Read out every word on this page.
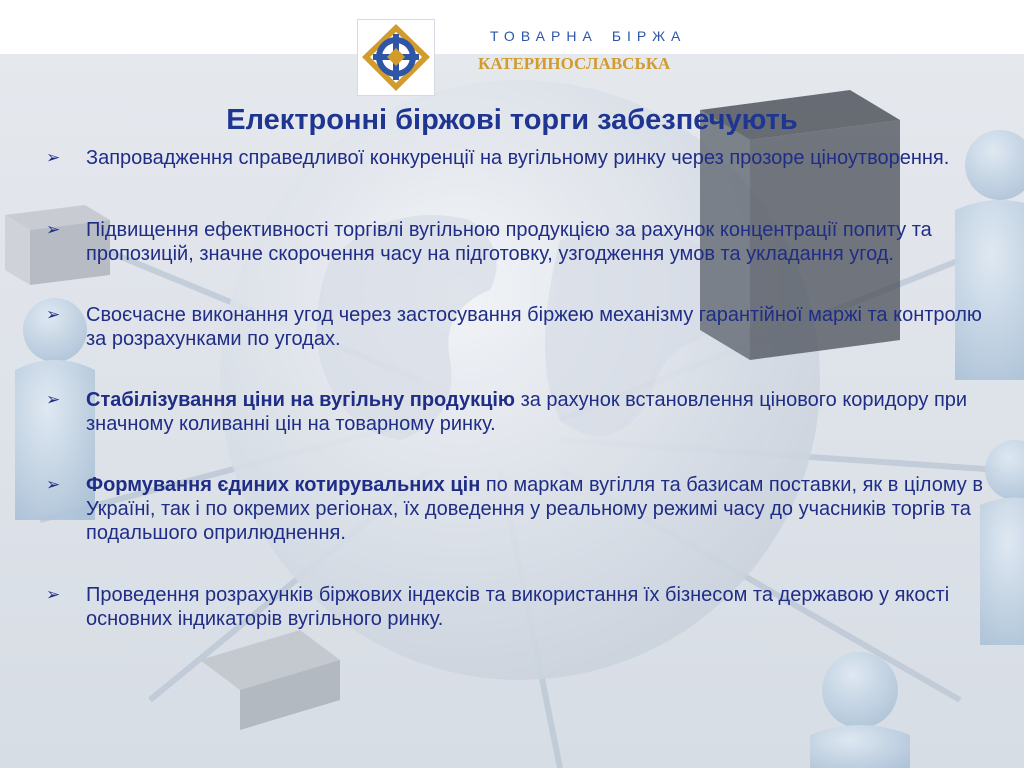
ТОВАРНА БІРЖА
КАТЕРИНОСЛАВСЬКА
Електронні біржові торги забезпечують
➢ Запровадження справедливої конкуренції на вугільному ринку через прозоре ціноутворення.
➢ Підвищення ефективності торгівлі вугільною продукцією за рахунок концентрації попиту та пропозицій, значне скорочення часу на підготовку, узгодження умов та укладання угод.
➢ Своєчасне виконання угод через застосування біржею механізму гарантійної маржі та контролю за розрахунками по угодах.
➢ Стабілізування ціни на вугільну продукцію за рахунок встановлення цінового коридору при значному коливанні цін на товарному ринку.
➢ Формування єдиних котирувальних цін по маркам вугілля та базисам поставки, як в цілому в Україні, так і по окремих регіонах, їх доведення у реальному режимі часу до учасників торгів та подальшого оприлюднення.
➢ Проведення розрахунків біржових індексів та використання їх бізнесом та державою у якості основних індикаторів вугільного ринку.
